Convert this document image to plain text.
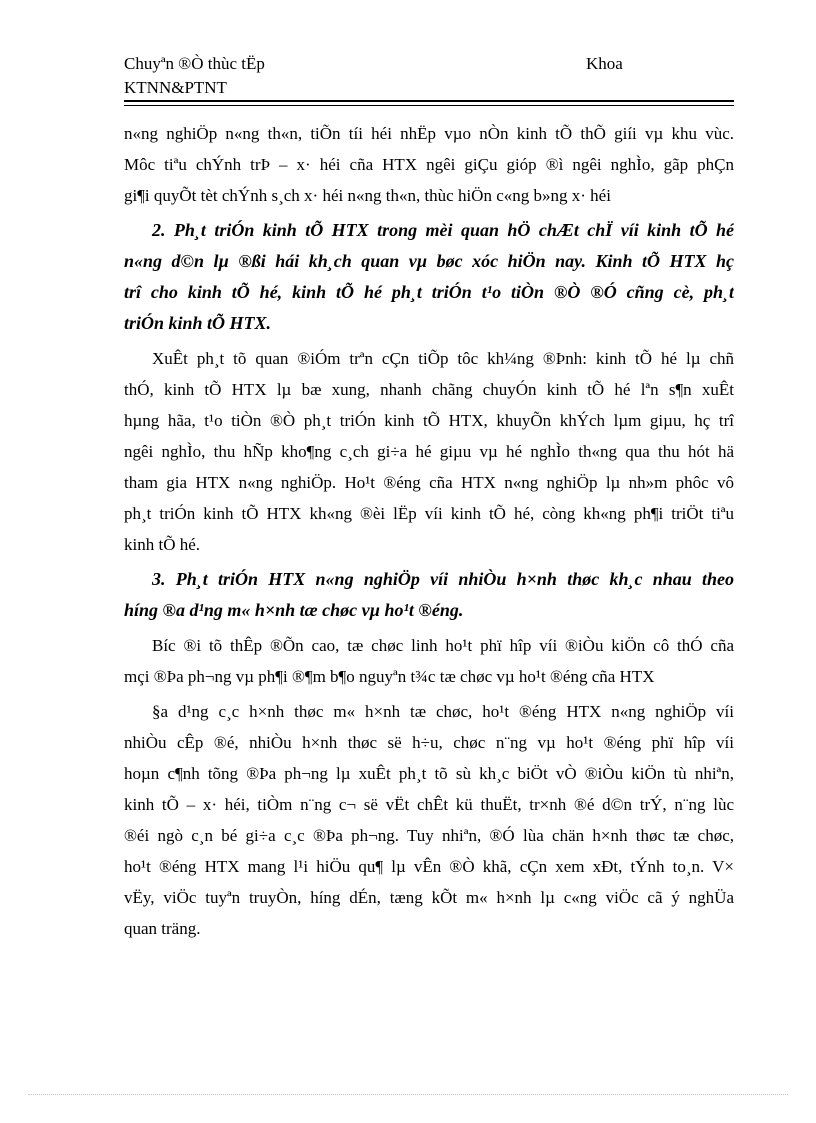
Chuyªn ®Ò thùc tËp	Khoa
KTNN&PTNT
n«ng nghiÖp n«ng th«n, tiÕn tíi héi nhËp vµo nÒn kinh tÕ thÕ giíi vµ khu vùc.
Môc tiªu chÝnh trÞ – x· héi cña HTX ngêi giÇu gióp ®ì ngêi nghÌo, gãp phÇn
gi¶i quyÕt tèt chÝnh s¸ch x· héi n«ng th«n, thùc hiÖn c«ng b»ng x· héi
2. Ph¸t triÓn kinh tÕ HTX trong mèi quan hÖ chÆt chÏ víi kinh tÕ hé
n«ng d©n lµ ®ßi hái kh¸ch quan vµ bøc xóc hiÖn nay. Kinh tÕ HTX hç
trî cho kinh tÕ hé, kinh tÕ hé ph¸t triÓn t¹o tiÒn ®Ò ®Ó cñng cè, ph¸t
triÓn kinh tÕ HTX.
XuÊt ph¸t tõ quan ®iÓm trªn cÇn tiÕp tôc kh¼ng ®Þnh: kinh tÕ hé lµ chñ
thÓ, kinh tÕ HTX lµ bæ xung, nhanh chãng chuyÓn kinh tÕ hé lªn s¶n xuÊt
hµng hãa, t¹o tiÒn ®Ò ph¸t triÓn kinh tÕ HTX, khuyÕn khÝch lµm giµu, hç trî
ngêi nghÌo, thu hÑp kho¶ng c¸ch gi÷a hé giµu vµ hé nghÌo th«ng qua thu hót hä
tham gia HTX n«ng nghiÖp. Ho¹t ®éng cña HTX n«ng nghiÖp lµ nh»m phôc vô
ph¸t triÓn kinh tÕ HTX kh«ng ®èi lËp víi kinh tÕ hé, còng kh«ng ph¶i triÖt tiªu
kinh tÕ hé.
3. Ph¸t triÓn HTX n«ng nghiÖp víi nhiÒu h×nh thøc kh¸c nhau theo
híng ®a d¹ng m« h×nh tæ chøc vµ ho¹t ®éng.
Bíc ®i tõ thÊp ®Õn cao, tæ chøc linh ho¹t phï hîp víi ®iÒu kiÖn cô thÓ cña
mçi ®Þa ph¬ng vµ ph¶i ®¶m b¶o nguyªn t¾c tæ chøc vµ ho¹t ®éng cña HTX
§a d¹ng c¸c h×nh thøc m« h×nh tæ chøc, ho¹t ®éng HTX n«ng nghiÖp víi
nhiÒu cÊp ®é, nhiÒu h×nh thøc së h÷u, chøc n¨ng vµ ho¹t ®éng phï hîp víi
hoµn c¶nh tõng ®Þa ph¬ng lµ xuÊt ph¸t tõ sù kh¸c biÖt vÒ ®iÒu kiÖn tù nhiªn,
kinh tÕ – x· héi, tiÒm n¨ng c¬ së vËt chÊt kü thuËt, tr×nh ®é d©n trÝ, n¨ng lùc
®éi ngò c¸n bé gi÷a c¸c ®Þa ph¬ng. Tuy nhiªn, ®Ó lùa chän h×nh thøc tæ chøc,
ho¹t ®éng HTX mang l¹i hiÖu qu¶ lµ vÊn ®Ò khã, cÇn xem xÐt, tÝnh to¸n. V×
vËy, viÖc tuyªn truyÒn, híng dÉn, tæng kÕt m« h×nh lµ c«ng viÖc cã ý nghÜa
quan träng.
